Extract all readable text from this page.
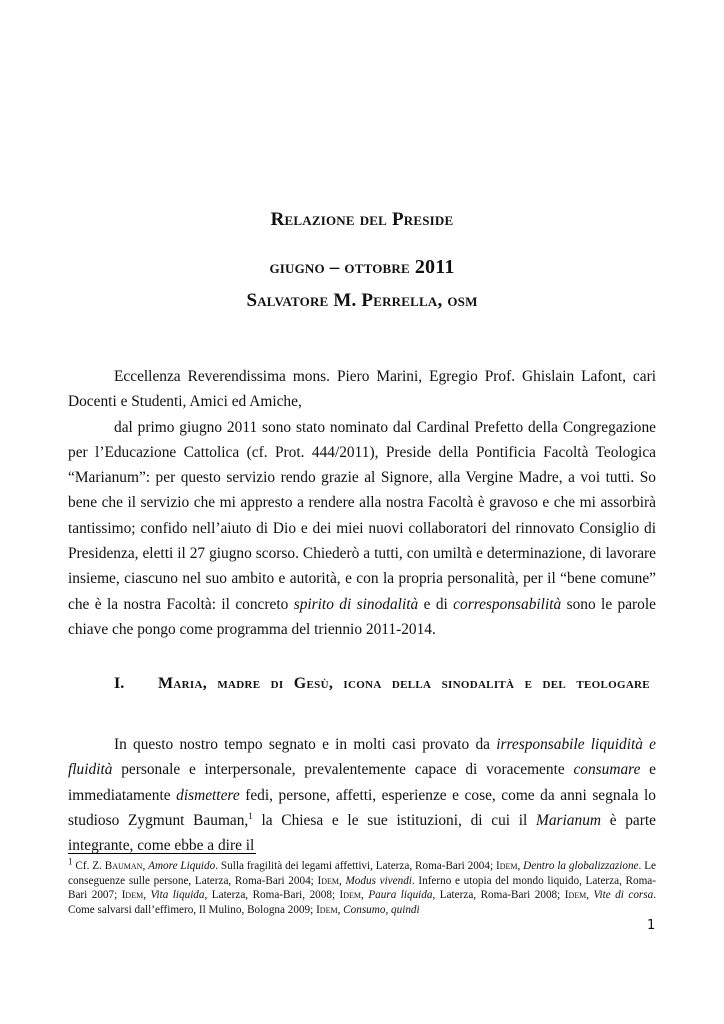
Relazione del Preside
giugno – ottobre 2011
Salvatore M. Perrella, osm

Eccellenza Reverendissima mons. Piero Marini, Egregio Prof. Ghislain Lafont, cari Docenti e Studenti, Amici ed Amiche,

dal primo giugno 2011 sono stato nominato dal Cardinal Prefetto della Congregazione per l’Educazione Cattolica (cf. Prot. 444/2011), Preside della Pontificia Facoltà Teologica “Marianum”: per questo servizio rendo grazie al Signore, alla Vergine Madre, a voi tutti. So bene che il servizio che mi appresto a rendere alla nostra Facoltà è gravoso e che mi assorbirà tantissimo; confido nell’aiuto di Dio e dei miei nuovi collaboratori del rinnovato Consiglio di Presidenza, eletti il 27 giugno scorso. Chiederò a tutti, con umiltà e determinazione, di lavorare insieme, ciascuno nel suo ambito e autorità, e con la propria personalità, per il “bene comune” che è la nostra Facoltà: il concreto spirito di sinodalità e di corresponsabilità sono le parole chiave che pongo come programma del triennio 2011-2014.

I. Maria, madre di Gesù, icona della sinodalità e del teologare

In questo nostro tempo segnato e in molti casi provato da irresponsabile liquidità e fluidità personale e interpersonale, prevalentemente capace di voracemente consumare e immediatamente dismettere fedi, persone, affetti, esperienze e cose, come da anni segnala lo studioso Zygmunt Bauman,$^1$ la Chiesa e le sue istituzioni, di cui il Marianum è parte integrante, come ebbe a dire il

$^1$ Cf. Z. Bauman, Amore Liquido. Sulla fragilità dei legami affettivi, Laterza, Roma-Bari 2004; Idem, Dentro la globalizzazione. Le conseguenze sulle persone, Laterza, Roma-Bari 2004; Idem, Modus vivendi. Inferno e utopia del mondo liquido, Laterza, Roma-Bari 2007; Idem, Vita liquida, Laterza, Roma-Bari, 2008; Idem, Paura liquida, Laterza, Roma-Bari 2008; Idem, Vite di corsa. Come salvarsi dall’effimero, Il Mulino, Bologna 2009; Idem, Consumo, quindi
1
